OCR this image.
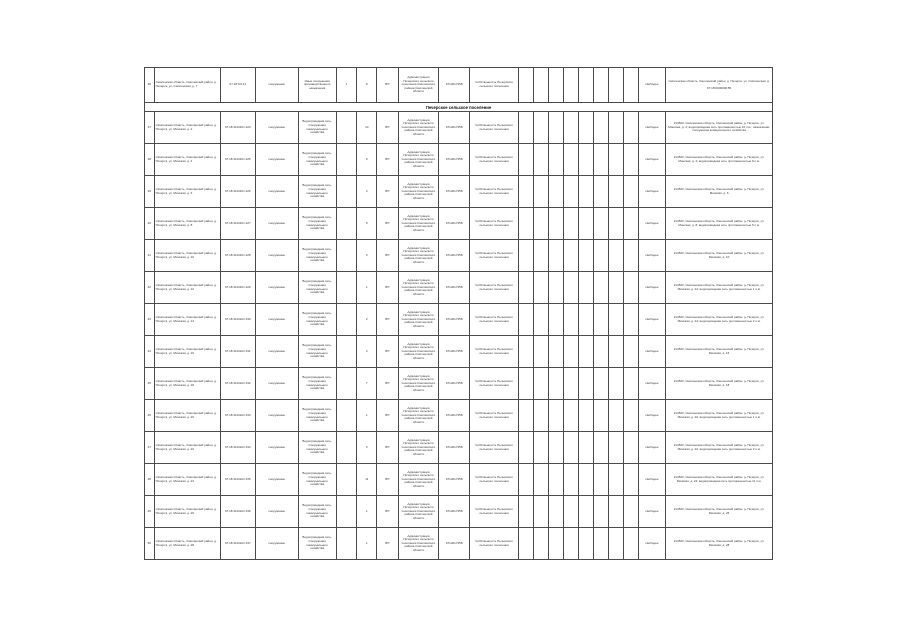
36	Смоленская область, Смоленский район, д. Печерск, ул. Смоленская, д. 7	67:18:0:0:11	сооружение	Иные сооружения производственного назначения	1	0	В/Т	Администрация Печерского сельского поселения Смоленского района Смоленской области	6714017258	Собственность Печерского сельского поселения									свободен	Смоленская область, Смоленский район, д. Печерск, ул. Смоленская, д. 7
67:18:0000000:55

Печерское сельское поселение																				
37	Смоленская область, Смоленский район, д. Печерск, ул. Минская, д. 2	67:18:3110101:123	сооружение	Водопроводная сеть, Сооружения коммунального хозяйства		10	В/Т	Администрация Печерского сельского поселения Смоленского района Смоленской области	6714017258	Собственность Печерского сельского поселения									свободен	214520, Смоленская область, Смоленский район, д. Печерск, ул. Минская, д. 2; водопроводная сеть протяженностью 10 п.м., назначение: сооружения коммунального хозяйства
38	Смоленская область, Смоленский район, д. Печерск, ул. Минская, д. 4	67:18:3110101:125	сооружение	Водопроводная сеть, Сооружения коммунального хозяйства		9	В/Т	Администрация Печерского сельского поселения Смоленского района Смоленской области	6714017258	Собственность Печерского сельского поселения									свободен	214520, Смоленская область, Смоленский район, д. Печерск, ул. Минская, д. 4; водопроводная сеть протяженностью 9 п.м.
39	Смоленская область, Смоленский район, д. Печерск, ул. Минская, д. 6	67:18:3110101:126	сооружение	Водопроводная сеть, Сооружения коммунального хозяйства		4	В/Т	Администрация Печерского сельского поселения Смоленского района Смоленской области	6714017258	Собственность Печерского сельского поселения									свободен	214520, Смоленская область, Смоленский район, д. Печерск, ул. Минская, д. 6
40	Смоленская область, Смоленский район, д. Печерск, ул. Минская, д. 8	67:18:3110101:127	сооружение	Водопроводная сеть, Сооружения коммунального хозяйства		5	В/Т	Администрация Печерского сельского поселения Смоленского района Смоленской области	6714017258	Собственность Печерского сельского поселения									свободен	214520, Смоленская область, Смоленский район, д. Печерск, ул. Минская, д. 8; водопроводная сеть протяженностью 5 п.м.
41	Смоленская область, Смоленский район, д. Печерск, ул. Минская, д. 10	67:18:3110101:128	сооружение	Водопроводная сеть, Сооружения коммунального хозяйства		3	В/Т	Администрация Печерского сельского поселения Смоленского района Смоленской области	6714017258	Собственность Печерского сельского поселения									свободен	214520, Смоленская область, Смоленский район, д. Печерск, ул. Минская, д. 10
42	Смоленская область, Смоленский район, д. Печерск, ул. Минская, д. 12	67:18:3110101:129	сооружение	Водопроводная сеть, Сооружения коммунального хозяйства		1	В/Т	Администрация Печерского сельского поселения Смоленского района Смоленской области	6714017258	Собственность Печерского сельского поселения									свободен	214520, Смоленская область, Смоленский район, д. Печерск, ул. Минская, д. 12; водопроводная сеть протяженностью 1 п.м.
43	Смоленская область, Смоленский район, д. Печерск, ул. Минская, д. 14	67:18:3110101:130	сооружение	Водопроводная сеть, Сооружения коммунального хозяйства		2	В/Т	Администрация Печерского сельского поселения Смоленского района Смоленской области	6714017258	Собственность Печерского сельского поселения									свободен	214520, Смоленская область, Смоленский район, д. Печерск, ул. Минская, д. 14; водопроводная сеть протяженностью 2 п.м.
44	Смоленская область, Смоленский район, д. Печерск, ул. Минская, д. 16	67:18:3110101:131	сооружение	Водопроводная сеть, Сооружения коммунального хозяйства		4	В/Т	Администрация Печерского сельского поселения Смоленского района Смоленской области	6714017258	Собственность Печерского сельского поселения									свободен	214520, Смоленская область, Смоленский район, д. Печерск, ул. Минская, д. 16
45	Смоленская область, Смоленский район, д. Печерск, ул. Минская, д. 18	67:18:3110101:132	сооружение	Водопроводная сеть, Сооружения коммунального хозяйства		7	В/Т	Администрация Печерского сельского поселения Смоленского района Смоленской области	6714017258	Собственность Печерского сельского поселения									свободен	214520, Смоленская область, Смоленский район, д. Печерск, ул. Минская, д. 18
46	Смоленская область, Смоленский район, д. Печерск, ул. Минская, д. 20	67:18:3110101:133	сооружение	Водопроводная сеть, Сооружения коммунального хозяйства		1	В/Т	Администрация Печерского сельского поселения Смоленского района Смоленской области	6714017258	Собственность Печерского сельского поселения									свободен	214520, Смоленская область, Смоленский район, д. Печерск, ул. Минская, д. 20; водопроводная сеть протяженностью 1 п.м.
47	Смоленская область, Смоленский район, д. Печерск, ул. Минская, д. 22	67:18:3110101:134	сооружение	Водопроводная сеть, Сооружения коммунального хозяйства		3	В/Т	Администрация Печерского сельского поселения Смоленского района Смоленской области	6714017258	Собственность Печерского сельского поселения									свободен	214520, Смоленская область, Смоленский район, д. Печерск, ул. Минская, д. 22; водопроводная сеть протяженностью 3 п.м.
48	Смоленская область, Смоленский район, д. Печерск, ул. Минская, д. 24	67:18:3110101:135	сооружение	Водопроводная сеть, Сооружения коммунального хозяйства		11	В/Т	Администрация Печерского сельского поселения Смоленского района Смоленской области	6714017258	Собственность Печерского сельского поселения									свободен	214520, Смоленская область, Смоленский район, д. Печерск, ул. Минская, д. 24; водопроводная сеть протяженностью 11 п.м.
49	Смоленская область, Смоленский район, д. Печерск, ул. Минская, д. 26	67:18:3110101:136	сооружение	Водопроводная сеть, Сооружения коммунального хозяйства		1	В/Т	Администрация Печерского сельского поселения Смоленского района Смоленской области	6714017258	Собственность Печерского сельского поселения									свободен	214520, Смоленская область, Смоленский район, д. Печерск, ул. Минская, д. 26
50	Смоленская область, Смоленский район, д. Печерск, ул. Минская, д. 28	67:18:3110101:137	сооружение	Водопроводная сеть, Сооружения коммунального хозяйства		1	В/Т	Администрация Печерского сельского поселения Смоленского района Смоленской области	6714017258	Собственность Печерского сельского поселения									свободен	214520, Смоленская область, Смоленский район, д. Печерск, ул. Минская, д. 28
